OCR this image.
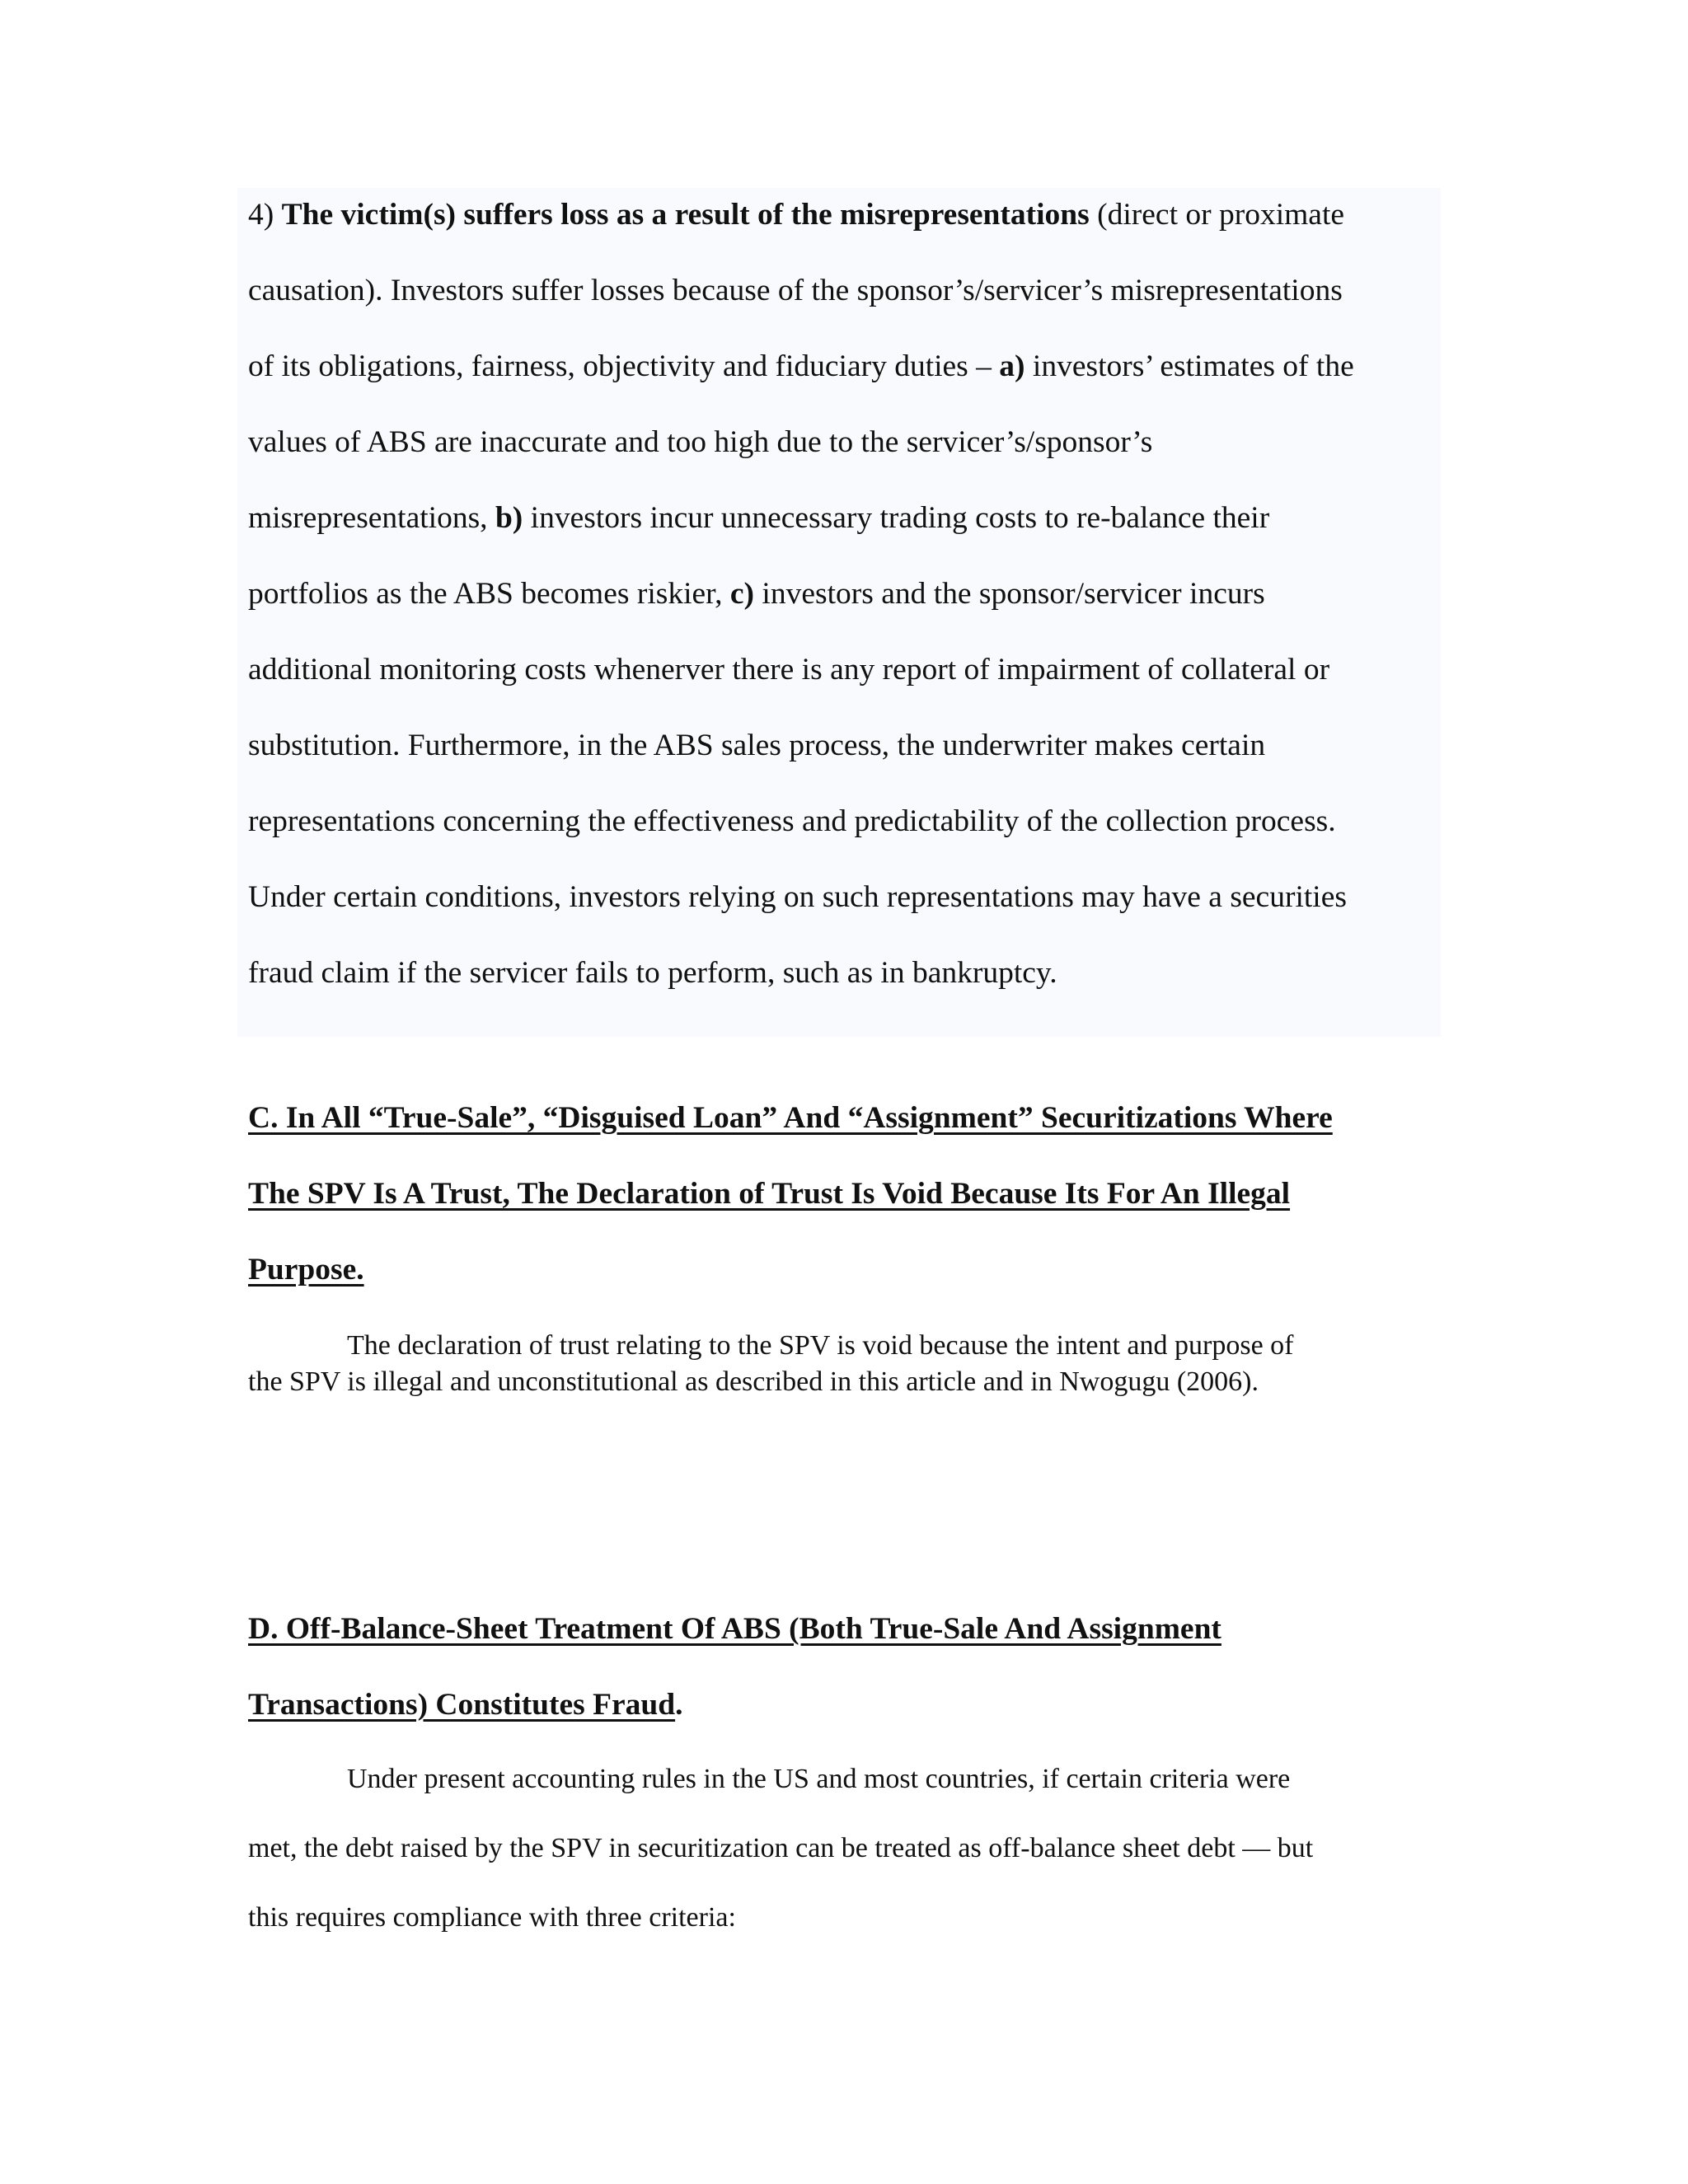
4) The victim(s) suffers loss as a result of the misrepresentations (direct or proximate
causation). Investors suffer losses because of the sponsor’s/servicer’s misrepresentations
of its obligations, fairness, objectivity and fiduciary duties – a) investors’ estimates of the
values of ABS are inaccurate and too high due to the servicer’s/sponsor’s
misrepresentations, b) investors incur unnecessary trading costs to re-balance their
portfolios as the ABS becomes riskier, c) investors and the sponsor/servicer incurs
additional monitoring costs whenerver there is any report of impairment of collateral or
substitution. Furthermore, in the ABS sales process, the underwriter makes certain
representations concerning the effectiveness and predictability of the collection process.
Under certain conditions, investors relying on such representations may have a securities
fraud claim if the servicer fails to perform, such as in bankruptcy.
C. In All “True-Sale”, “Disguised Loan” And “Assignment” Securitizations Where
The SPV Is A Trust, The Declaration of Trust Is Void Because Its For An Illegal
Purpose.
The declaration of trust relating to the SPV is void because the intent and purpose of
the SPV is illegal and unconstitutional as described in this article and in Nwogugu (2006).
D. Off-Balance-Sheet Treatment Of ABS (Both True-Sale And Assignment
Transactions) Constitutes Fraud.
Under present accounting rules in the US and most countries, if certain criteria were
met, the debt raised by the SPV in securitization can be treated as off-balance sheet debt — but
this requires compliance with three criteria:
